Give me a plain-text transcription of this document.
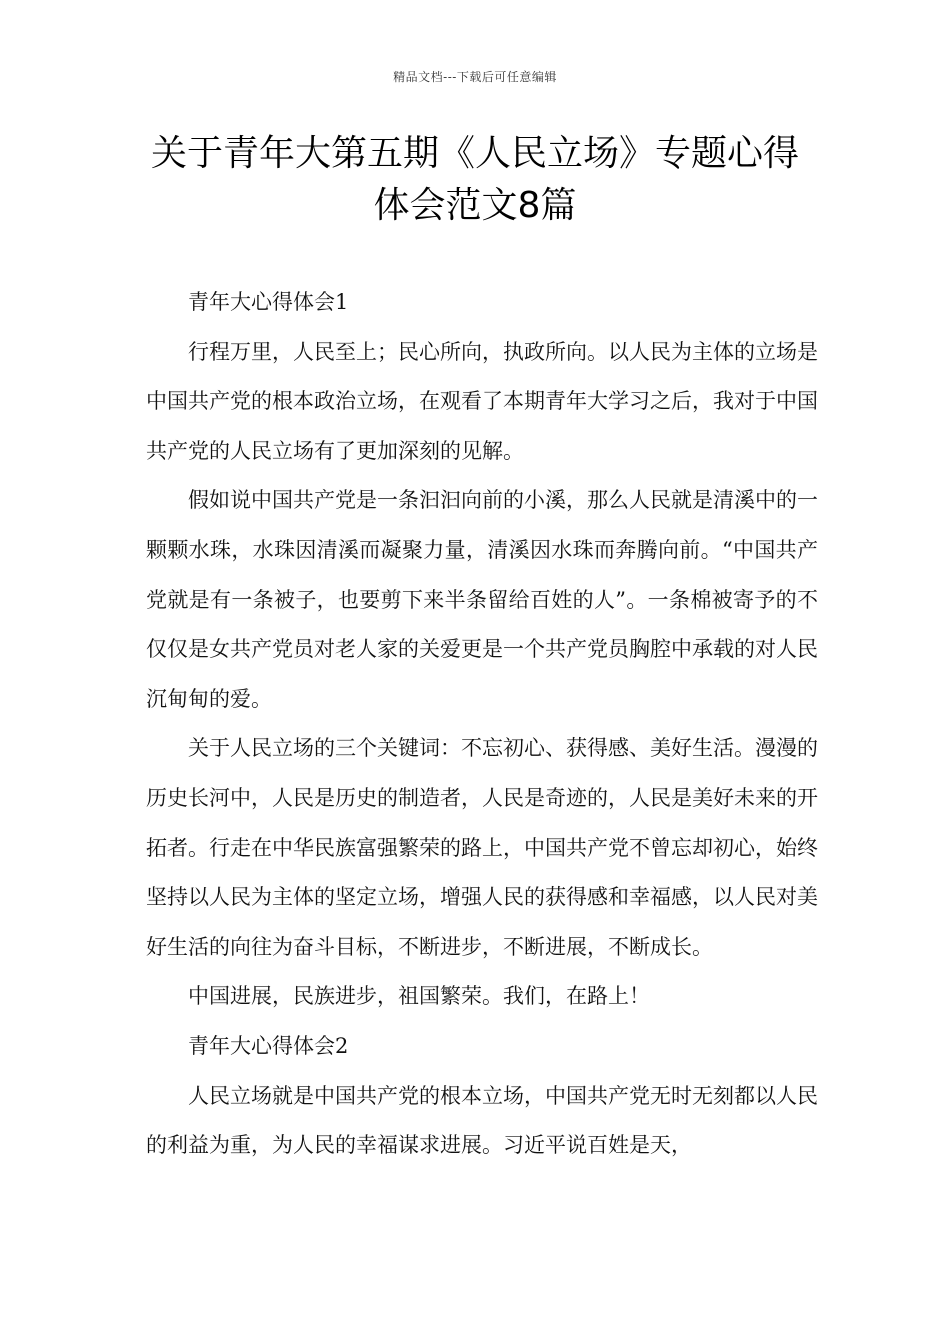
精品文档---下载后可任意编辑
关于青年大第五期《人民立场》专题心得体会范文8篇

青年大心得体会1

行程万里，人民至上；民心所向，执政所向。以人民为主体的立场是中国共产党的根本政治立场，在观看了本期青年大学习之后，我对于中国共产党的人民立场有了更加深刻的见解。

假如说中国共产党是一条汩汩向前的小溪，那么人民就是清溪中的一颗颗水珠，水珠因清溪而凝聚力量，清溪因水珠而奔腾向前。“中国共产党就是有一条被子，也要剪下来半条留给百姓的人”。一条棉被寄予的不仅仅是女共产党员对老人家的关爱更是一个共产党员胸腔中承载的对人民沉甸甸的爱。

关于人民立场的三个关键词：不忘初心、获得感、美好生活。漫漫的历史长河中，人民是历史的制造者，人民是奇迹的，人民是美好未来的开拓者。行走在中华民族富强繁荣的路上，中国共产党不曾忘却初心，始终坚持以人民为主体的坚定立场，增强人民的获得感和幸福感，以人民对美好生活的向往为奋斗目标，不断进步，不断进展，不断成长。

中国进展，民族进步，祖国繁荣。我们，在路上！

青年大心得体会2

人民立场就是中国共产党的根本立场，中国共产党无时无刻都以人民的利益为重，为人民的幸福谋求进展。习近平说百姓是天，
